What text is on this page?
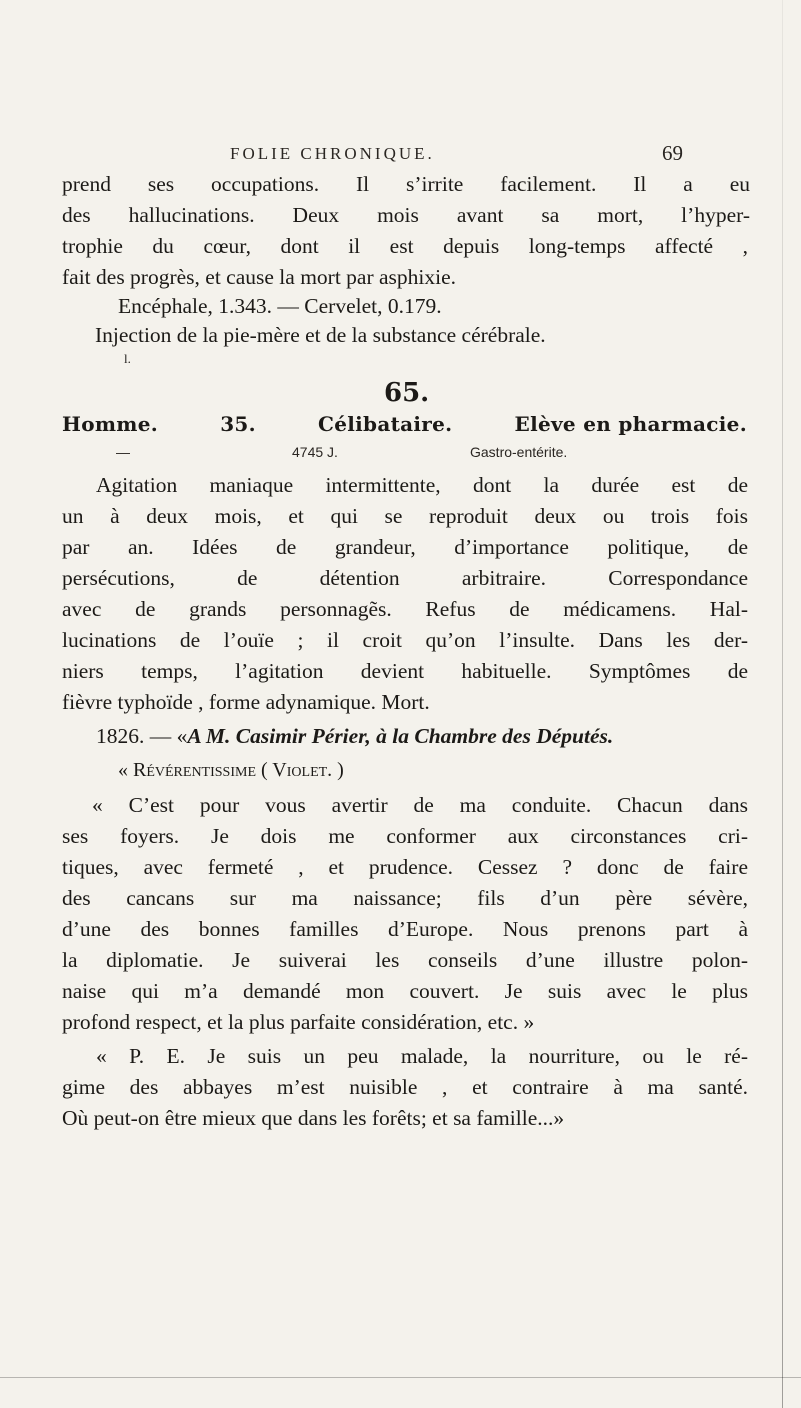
FOLIE CHRONIQUE.	69
prend ses occupations. Il s’irrite facilement. Il a eu
des hallucinations. Deux mois avant sa mort, l’hyper-
trophie du cœur, dont il est depuis long-temps affecté ,
fait des progrès, et cause la mort par asphixie.
Encéphale, 1.343. — Cervelet, 0.179.
Injection de la pie-mère et de la substance cérébrale.
l.
65.
Homme.	35.	Célibataire.	Elève en pharmacie.
—	4745 J.	Gastro-entérite.
Agitation maniaque intermittente, dont la durée est de
un à deux mois, et qui se reproduit deux ou trois fois
par an. Idées de grandeur, d’importance politique, de
persécutions, de détention arbitraire. Correspondance
avec de grands personnagẽs. Refus de médicamens. Hal-
lucinations de l’ouïe ; il croit qu’on l’insulte. Dans les der-
niers temps, l’agitation devient habituelle. Symptômes de
fièvre typhoïde , forme adynamique. Mort.
1826. — «A M. Casimir Périer, à la Chambre des Députés.
« Révérentissime ( Violet. )
« C’est pour vous avertir de ma conduite. Chacun dans
ses foyers. Je dois me conformer aux circonstances cri-
tiques, avec fermeté , et prudence. Cessez ? donc de faire
des cancans sur ma naissance; fils d’un père sévère,
d’une des bonnes familles d’Europe. Nous prenons part à
la diplomatie. Je suiverai les conseils d’une illustre polon-
naise qui m’a demandé mon couvert. Je suis avec le plus
profond respect, et la plus parfaite considération, etc. »
« P. E. Je suis un peu malade, la nourriture, ou le ré-
gime des abbayes m’est nuisible , et contraire à ma santé.
Où peut-on être mieux que dans les forêts; et sa famille...»
